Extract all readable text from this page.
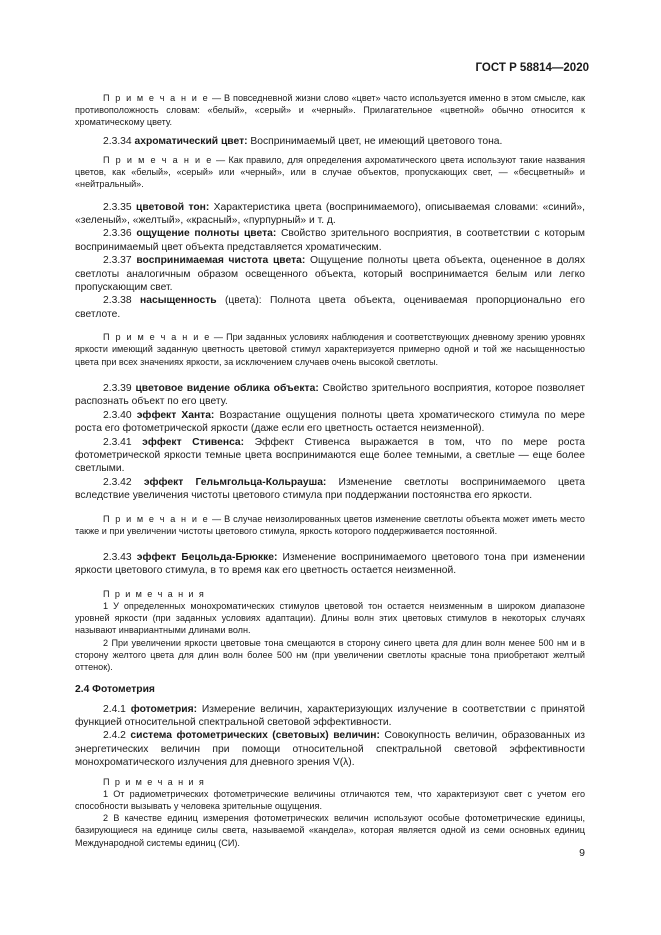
ГОСТ Р 58814—2020

П р и м е ч а н и е — В повседневной жизни слово «цвет» часто используется именно в этом смысле, как противоположность словам: «белый», «серый» и «черный». Прилагательное «цветной» обычно относится к хроматическому цвету.

2.3.34 ахроматический цвет: Воспринимаемый цвет, не имеющий цветового тона.

П р и м е ч а н и е — Как правило, для определения ахроматического цвета используют такие названия цветов, как «белый», «серый» или «черный», или в случае объектов, пропускающих свет, — «бесцветный» и «нейтральный».

2.3.35 цветовой тон: Характеристика цвета (воспринимаемого), описываемая словами: «синий», «зеленый», «желтый», «красный», «пурпурный» и т. д.

2.3.36 ощущение полноты цвета: Свойство зрительного восприятия, в соответствии с которым воспринимаемый цвет объекта представляется хроматическим.

2.3.37 воспринимаемая чистота цвета: Ощущение полноты цвета объекта, оцененное в долях светлоты аналогичным образом освещенного объекта, который воспринимается белым или легко пропускающим свет.

2.3.38 насыщенность (цвета): Полнота цвета объекта, оцениваемая пропорционально его светлоте.

П р и м е ч а н и е — При заданных условиях наблюдения и соответствующих дневному зрению уровнях яркости имеющий заданную цветность цветовой стимул характеризуется примерно одной и той же насыщенностью цвета при всех значениях яркости, за исключением случаев очень высокой светлоты.

2.3.39 цветовое видение облика объекта: Свойство зрительного восприятия, которое позволяет распознать объект по его цвету.

2.3.40 эффект Ханта: Возрастание ощущения полноты цвета хроматического стимула по мере роста его фотометрической яркости (даже если его цветность остается неизменной).

2.3.41 эффект Стивенса: Эффект Стивенса выражается в том, что по мере роста фотометрической яркости темные цвета воспринимаются еще более темными, а светлые — еще более светлыми.

2.3.42 эффект Гельмгольца-Кольрауша: Изменение светлоты воспринимаемого цвета вследствие увеличения чистоты цветового стимула при поддержании постоянства его яркости.

П р и м е ч а н и е — В случае неизолированных цветов изменение светлоты объекта может иметь место также и при увеличении чистоты цветового стимула, яркость которого поддерживается постоянной.

2.3.43 эффект Бецольда-Брюкке: Изменение воспринимаемого цветового тона при изменении яркости цветового стимула, в то время как его цветность остается неизменной.

П р и м е ч а н и я
1 У определенных монохроматических стимулов цветовой тон остается неизменным в широком диапазоне уровней яркости (при заданных условиях адаптации). Длины волн этих цветовых стимулов в некоторых случаях называют инвариантными длинами волн.
2 При увеличении яркости цветовые тона смещаются в сторону синего цвета для длин волн менее 500 нм и в сторону желтого цвета для длин волн более 500 нм (при увеличении светлоты красные тона приобретают желтый оттенок).
2.4 Фотометрия

2.4.1 фотометрия: Измерение величин, характеризующих излучение в соответствии с принятой функцией относительной спектральной световой эффективности.

2.4.2 система фотометрических (световых) величин: Совокупность величин, образованных из энергетических величин при помощи относительной спектральной световой эффективности монохроматического излучения для дневного зрения V(λ).

П р и м е ч а н и я
1 От радиометрических фотометрические величины отличаются тем, что характеризуют свет с учетом его способности вызывать у человека зрительные ощущения.
2 В качестве единиц измерения фотометрических величин используют особые фотометрические единицы, базирующиеся на единице силы света, называемой «кандела», которая является одной из семи основных единиц Международной системы единиц (СИ).
9
